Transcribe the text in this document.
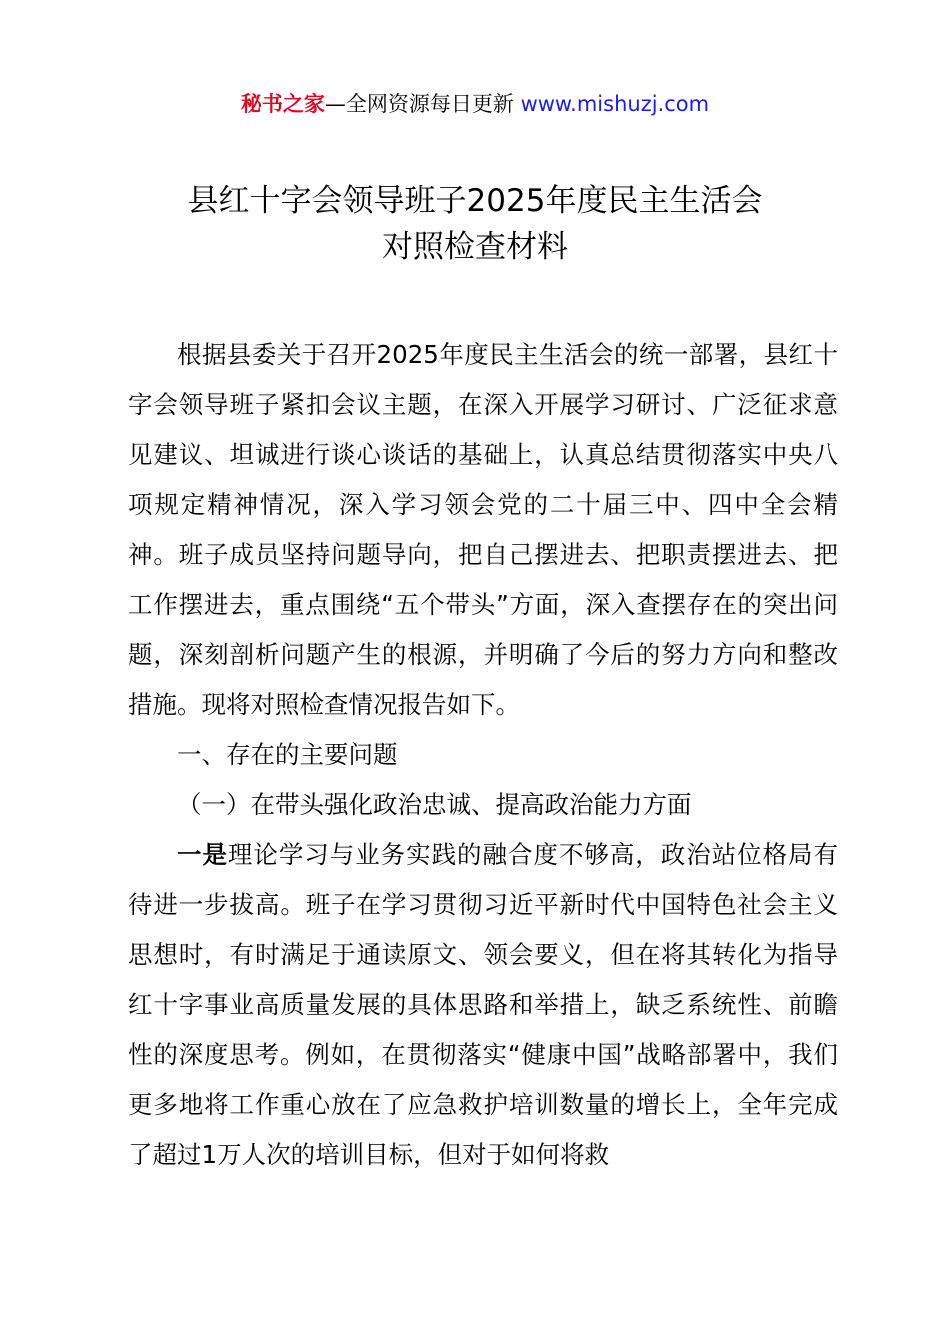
秘书之家—全网资源每日更新 www.mishuzj.com
县红十字会领导班子2025年度民主生活会
对照检查材料

根据县委关于召开2025年度民主生活会的统一部署，县红十字会领导班子紧扣会议主题，在深入开展学习研讨、广泛征求意见建议、坦诚进行谈心谈话的基础上，认真总结贯彻落实中央八项规定精神情况，深入学习领会党的二十届三中、四中全会精神。班子成员坚持问题导向，把自己摆进去、把职责摆进去、把工作摆进去，重点围绕“五个带头”方面，深入查摆存在的突出问题，深刻剖析问题产生的根源，并明确了今后的努力方向和整改措施。现将对照检查情况报告如下。

一、存在的主要问题

（一）在带头强化政治忠诚、提高政治能力方面

一是理论学习与业务实践的融合度不够高，政治站位格局有待进一步拔高。班子在学习贯彻习近平新时代中国特色社会主义思想时，有时满足于通读原文、领会要义，但在将其转化为指导红十字事业高质量发展的具体思路和举措上，缺乏系统性、前瞻性的深度思考。例如，在贯彻落实“健康中国”战略部署中，我们更多地将工作重心放在了应急救护培训数量的增长上，全年完成了超过1万人次的培训目标，但对于如何将救
